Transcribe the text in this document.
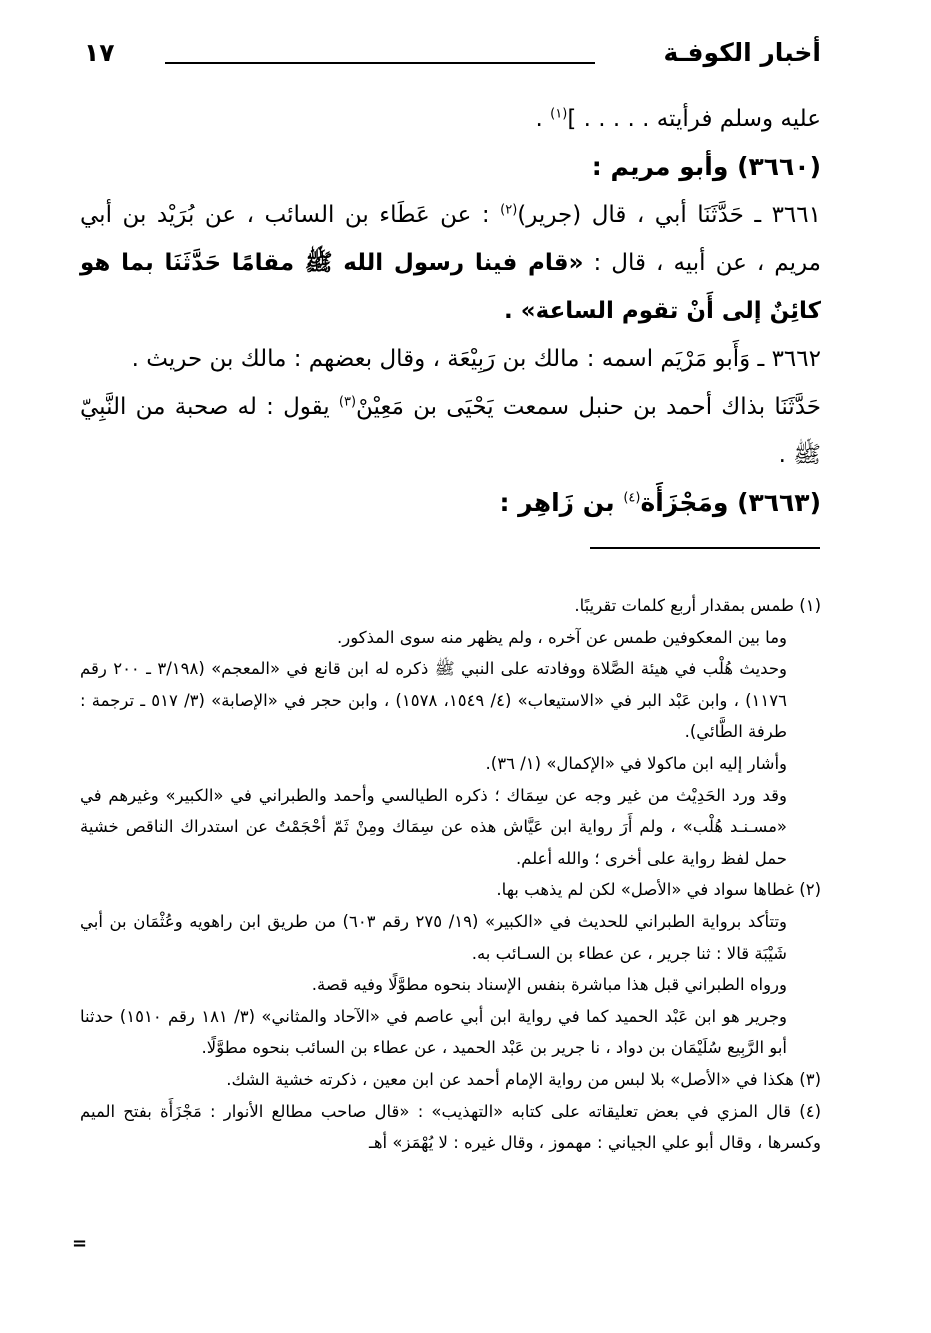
أخبار الكوفـة
١٧

عليه وسلم فرأيته . . . . . ]$^{(١)}$ .

(٣٦٦٠) وأبو مريم :

٣٦٦١ ـ حَدَّثَنَا أبي ، قال (جرير)$^{(٢)}$ : عن عَطَاء بن السائب ، عن بُرَيْد بن أبي مريم ، عن أبيه ، قال : «قام فينا رسول الله ﷺ مقامًا حَدَّثَنَا بما هو كائِنٌ إلى أَنْ تقوم الساعة» .

٣٦٦٢ ـ وَأَبو مَرْيَم اسمه : مالك بن رَبِيْعَة ، وقال بعضهم : مالك بن حريث .

حَدَّثَنَا بذاك أحمد بن حنبل سمعت يَحْيَى بن مَعِيْنْ$^{(٣)}$ يقول : له صحبة من النَّبِيّ ﷺ .

(٣٦٦٣) ومَجْزَأَة$^{(٤)}$ بن زَاهِر :

(١) طمس بمقدار أربع كلمات تقريبًا.

وما بين المعكوفين طمس عن آخره ، ولم يظهر منه سوى المذكور.

وحديث هُلْب في هيئة الصَّلاة ووفادته على النبي ﷺ ذكره له ابن قانع في «المعجم» (٣/١٩٨ ـ ٢٠٠ رقم ١١٧٦) ، وابن عَبْد البر في «الاستيعاب» (٤/ ١٥٤٩، ١٥٧٨) ، وابن حجر في «الإصابة» (٣/ ٥١٧ ـ ترجمة : طرفة الطَّائي).

وأشار إليه ابن ماكولا في «الإكمال» (١/ ٣٦).

وقد ورد الحَدِيْث من غير وجه عن سِمَاك ؛ ذكره الطيالسي وأحمد والطبراني في «الكبير» وغيرهم في «مسـنـد هُلْب» ، ولم أَرَ رواية ابن عَيَّاش هذه عن سِمَاك ومِنْ ثَمّ أحْجَمْتُ عن استدراك الناقص خشية حمل لفظ رواية على أخرى ؛ والله أعلم.

(٢) غطاها سواد في «الأصل» لكن لم يذهب بها.

وتتأكد برواية الطبراني للحديث في «الكبير» (١٩/ ٢٧٥ رقم ٦٠٣) من طريق ابن راهويه وعُثْمَان بن أبي شَيْبَة قالا : ثنا جرير ، عن عطاء بن السـائب به.

ورواه الطبراني قبل هذا مباشرة بنفس الإسناد بنحوه مطوَّلًا وفيه قصة.

وجرير هو ابن عَبْد الحميد كما في رواية ابن أبي عاصم في «الآحاد والمثاني» (٣/ ١٨١ رقم ١٥١٠) حدثنا أبو الرَّبِيع سُلَيْمَان بن دواد ، نا جرير بن عَبْد الحميد ، عن عطاء بن السائب بنحوه مطوَّلًا.

(٣) هكذا في «الأصل» بلا لبس من رواية الإمام أحمد عن ابن معين ، ذكرته خشية الشك.

(٤) قال المزي في بعض تعليقاته على كتابه «التهذيب» : «قال صاحب مطالع الأنوار : مَجْزَأَة بفتح الميم وكسرها ، وقال أبو علي الجياني : مهموز ، وقال غيره : لا يُهْمَز» أهـ

=
